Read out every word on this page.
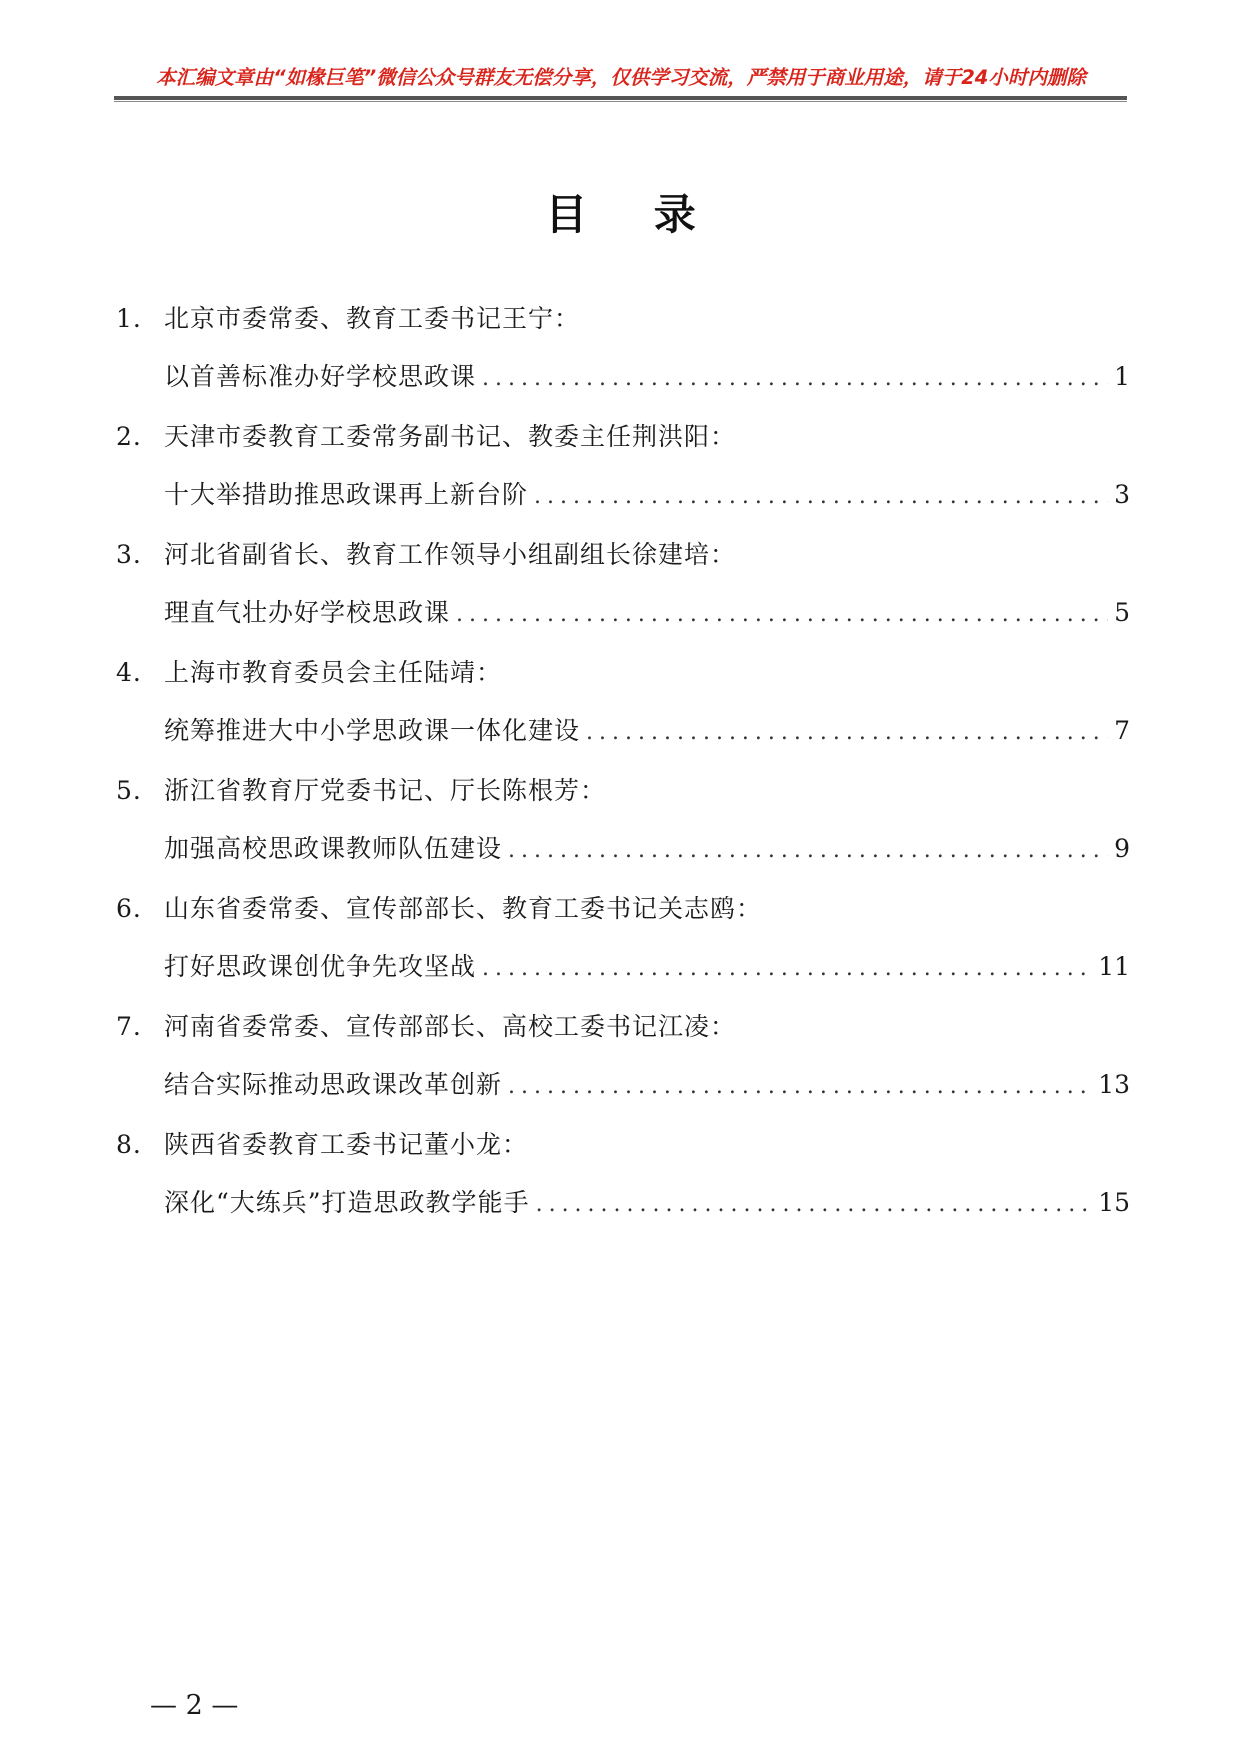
本汇编文章由“如椽巨笔”微信公众号群友无偿分享，仅供学习交流，严禁用于商业用途，请于24小时内删除
目 录
1. 北京市委常委、教育工委书记王宁：
以首善标准办好学校思政课 .....	1
2. 天津市委教育工委常务副书记、教委主任荆洪阳：
十大举措助推思政课再上新台阶 .....	3
3. 河北省副省长、教育工作领导小组副组长徐建培：
理直气壮办好学校思政课 .....	5
4. 上海市教育委员会主任陆靖：
统筹推进大中小学思政课一体化建设 .....	7
5. 浙江省教育厅党委书记、厅长陈根芳：
加强高校思政课教师队伍建设 .....	9
6. 山东省委常委、宣传部部长、教育工委书记关志鸥：
打好思政课创优争先攻坚战 .....	11
7. 河南省委常委、宣传部部长、高校工委书记江凌：
结合实际推动思政课改革创新 .....	13
8. 陕西省委教育工委书记董小龙：
深化“大练兵”打造思政教学能手 .....	15
— 2 —
